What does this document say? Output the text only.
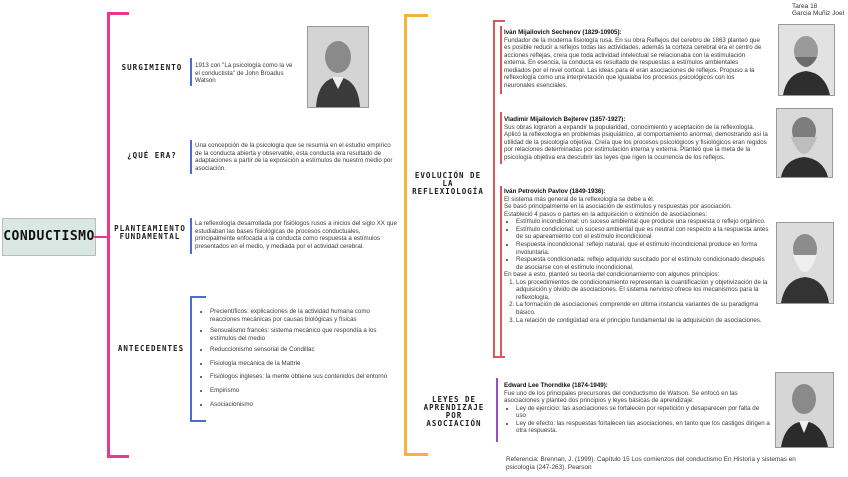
Tarea 18
Garcia Muñiz Joel
CONDUCTISMO
SURGIMIENTO
¿QUÉ ERA?
PLANTEAMIENTO FUNDAMENTAL
ANTECEDENTES
1913 con "La psicología como la ve el conductista" de John Broadus Watson
Una concepción de la psicología que se resumía en el estudio empírico de la conducta abierta y observable, esta conducta era resultado de adaptaciones a partir de la exposición a estímulos de nuestro medio por asociación.
La reflexología desarrollada por fisiólogos rusos a inicios del siglo XX que estudiaban las bases fisiológicas de procesos conductuales, principalmente enfocada a la conducta como respuesta a estímulos presentados en el medio, y mediada por el actividad cerebral.
• Precientíficos: explicaciones de la actividad humana como reacciones mecánicas por causas biológicas y físicas
• Sensualismo francés: sistema mecánico que respondía a los estímulos del medio
• Reduccionismo sensorial de Condillac
• Fisiología mecánica de la Mattrie
• Fisiólogos ingleses: la mente obtiene sus contenidos del entorno
• Empirismo
• Asociacionismo
EVOLUCIÓN DE LA REFLEXIOLOGÍA
LEYES DE APRENDIZAJE POR ASOCIACIÓN
Iván Mijailovich Sechenov (1829-10905):
Fundador de la moderna fisiología rusa. En su obra Reflejos del cerebro de 1863 planteó que es posible reducir a reflejos todas las actividades, además la corteza cerebral era el centro de acciones reflejas, creía que toda actividad intelectual se relacionaba con la estimulación externa. En esencia, la conducta es resultado de respuestas a estímulos ambientales mediados por el nivel cortical. Las ideas para él eran asociaciones de reflejos. Propuso a la reflexología como una interpretación que igualaba los procesos psicológicos con los neuronales esenciales.
Vladimir Mijailovich Bejterev (1857-1927):
Sus obras lograron a expandir la popularidad, conocimiento y aceptación de la reflexología. Aplicó la reflexología en problemas psiquiátrico, al comportamiento anormal, demostrando así la utilidad de la psicología objetiva. Creía que los procesos psicológicos y fisiológicos eran regidos por relaciones determinadas por estimulación interna y externa. Planteó que la meta de la psicología objetiva era descubrir las leyes que rigen la ocurrencia de los reflejos.
Iván Petrovich Pavlov (1849-1936):
El sistema más general de la reflexología se debe a él.
Se basó principalmente en la asociación de estímulos y respuestas por asociación.
Estableció 4 pasos o partes en la adquisición o extinción de asociaciones:
• Estímulo incondicional: un suceso ambiental que produce una respuesta o reflejo orgánico.
• Estímulo condicional: un suceso ambiental que es neutral con respecto a la respuesta antes de su apareamiento con el estímulo incondicional
• Respuesta incondicional: reflejo natural, que el estímulo incondicional produce en forma involuntaria.
• Respuesta condicionada: reflejo adquirido suscitado por el estímulo condicionado después de asociarse con el estímulo incondicional.
En base a esto, planteó su teoría del condicionamiento con algunos principios:
1. Los procedimientos de condicionamiento representan la cuantificación y objetivización de la adquisición y olvido de asociaciones. El sistema nervioso ofrece los mecanismos para la reflexología,
2. La formación de asociaciones comprende en última instancia variantes de su paradigma básico.
3. La relación de contigüidad era el principio fundamental de la adquisición de asociaciones.
Edward Lee Thorndike (1874-1949):
Fue uno de los principales precursores del conductismo de Watson. Se enfocó en las asociaciones y planteó dos principios y leyes básicas de aprendizaje:
• Ley de ejercicio: las asociaciones se fortalecen por repetición y desaparecen por falta de uso
• Ley de efecto: las respuestas fortalecen las asociaciones, en tanto que los castigos dirigen a otra respuesta.
Referencia: Brennan, J. (1999). Capítulo 15 Los comienzos del conductismo En Historia y sistemas en psicología (247-263). Pearson
